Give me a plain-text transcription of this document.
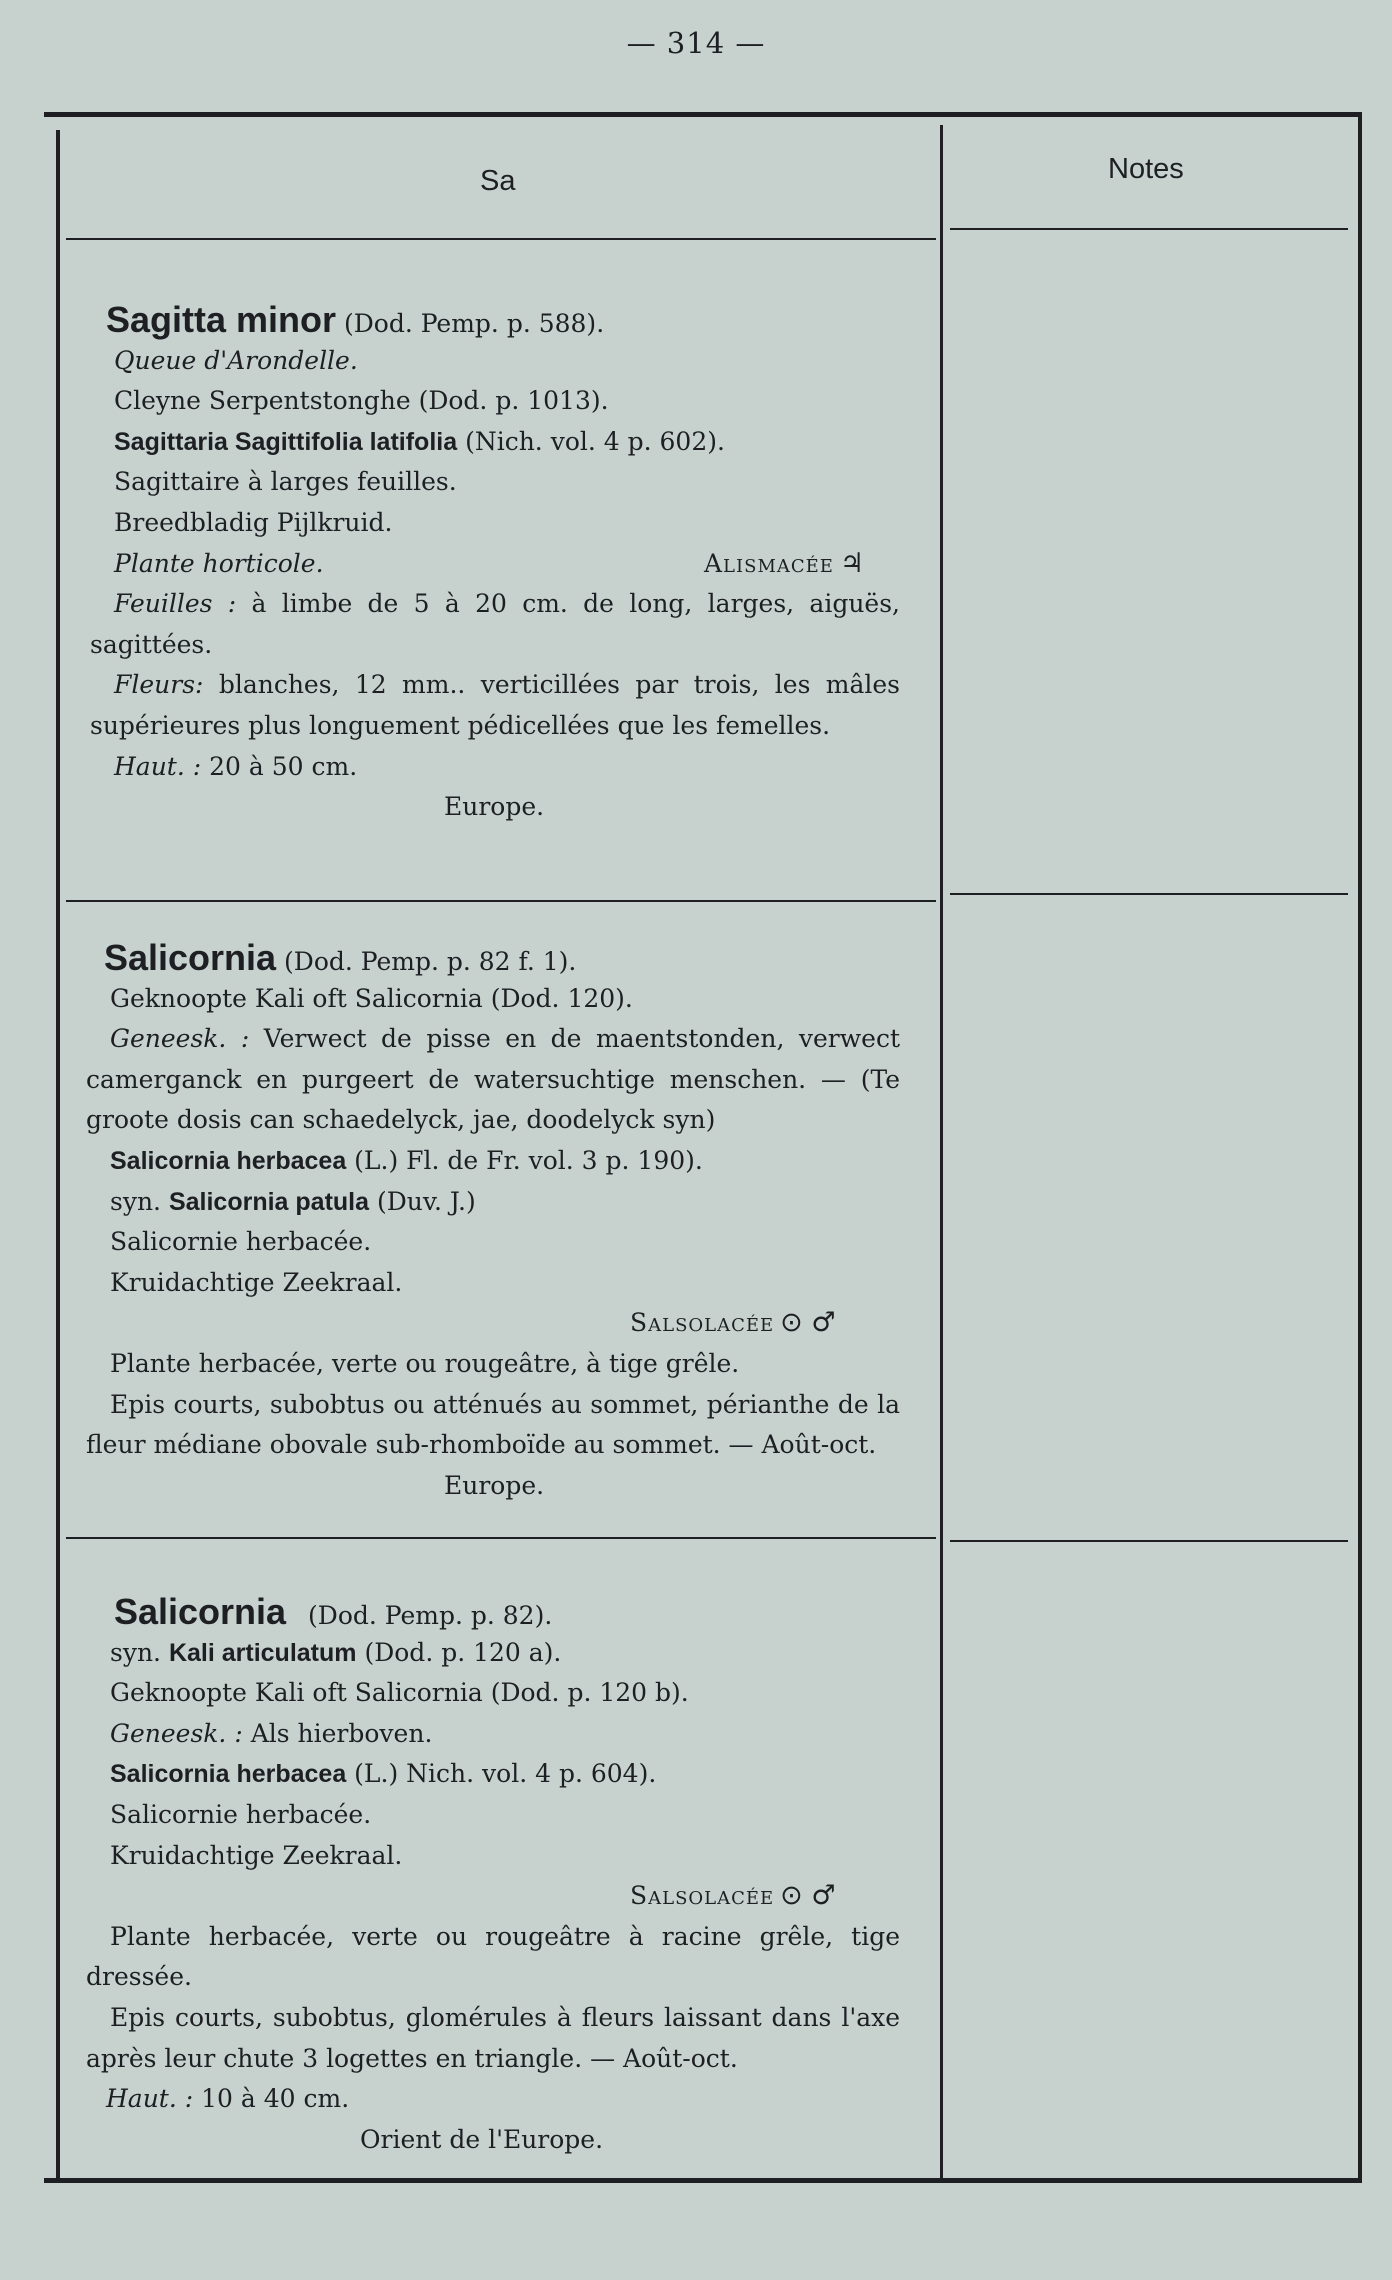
— 314 —
Sa	Notes
Sagitta minor (Dod. Pemp. p. 588).
Queue d'Arondelle.
Cleyne Serpentstonghe (Dod. p. 1013).
Sagittaria Sagittifolia latifolia (Nich. vol. 4 p. 602).
Sagittaire à larges feuilles.
Breedbladig Pijlkruid.
Plante horticole.	Alismacée ♃
Feuilles : à limbe de 5 à 20 cm. de long, larges, aiguës, sagittées.
Fleurs: blanches, 12 mm.. verticillées par trois, les mâles supérieures plus longuement pédicellées que les femelles.
Haut. : 20 à 50 cm.
Europe.
Salicornia (Dod. Pemp. p. 82 f. 1).
Geknoopte Kali oft Salicornia (Dod. 120).
Geneesk. : Verwect de pisse en de maentstonden, verwect camerganck en purgeert de watersuchtige menschen. — (Te groote dosis can schaedelyck, jae, doodelyck syn)
Salicornia herbacea (L.) Fl. de Fr. vol. 3 p. 190).
syn. Salicornia patula (Duv. J.)
Salicornie herbacée.
Kruidachtige Zeekraal.
Salsolacée ⊙ ♂
Plante herbacée, verte ou rougeâtre, à tige grêle.
Epis courts, subobtus ou atténués au sommet, périanthe de la fleur médiane obovale sub-rhomboïde au sommet. — Août-oct.
Europe.
Salicornia (Dod. Pemp. p. 82).
syn. Kali articulatum (Dod. p. 120 a).
Geknoopte Kali oft Salicornia (Dod. p. 120 b).
Geneesk. : Als hierboven.
Salicornia herbacea (L.) Nich. vol. 4 p. 604).
Salicornie herbacée.
Kruidachtige Zeekraal.
Salsolacée ⊙ ♂
Plante herbacée, verte ou rougeâtre à racine grêle, tige dressée.
Epis courts, subobtus, glomérules à fleurs laissant dans l'axe après leur chute 3 logettes en triangle. — Août-oct.
Haut. : 10 à 40 cm.
Orient de l'Europe.
